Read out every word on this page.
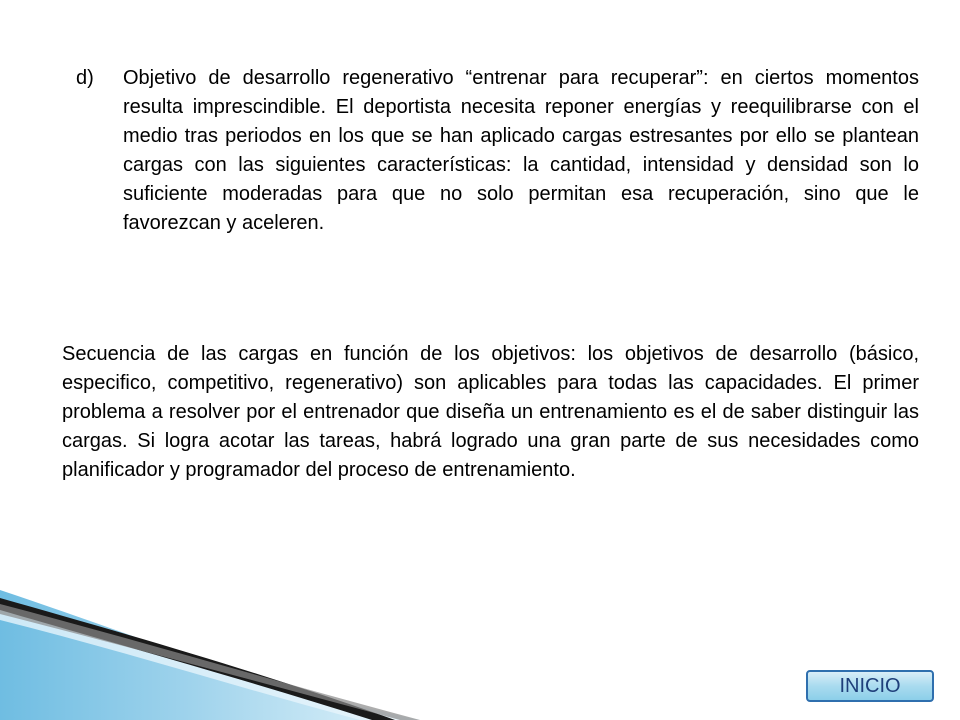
d) Objetivo de desarrollo regenerativo “entrenar para recuperar”: en ciertos momentos resulta imprescindible. El deportista necesita reponer energías y reequilibrarse con el medio tras periodos en los que se han aplicado cargas estresantes por ello se plantean cargas con las siguientes características: la cantidad, intensidad y densidad son lo suficiente moderadas para que no solo permitan esa recuperación, sino que le favorezcan y aceleren.

Secuencia de las cargas en función de los objetivos: los objetivos de desarrollo (básico, especifico, competitivo, regenerativo) son aplicables para todas las capacidades. El primer problema a resolver por el entrenador que diseña un entrenamiento es el de saber distinguir las cargas. Si logra acotar las tareas, habrá logrado una gran parte de sus necesidades como planificador y programador del proceso de entrenamiento.

INICIO
